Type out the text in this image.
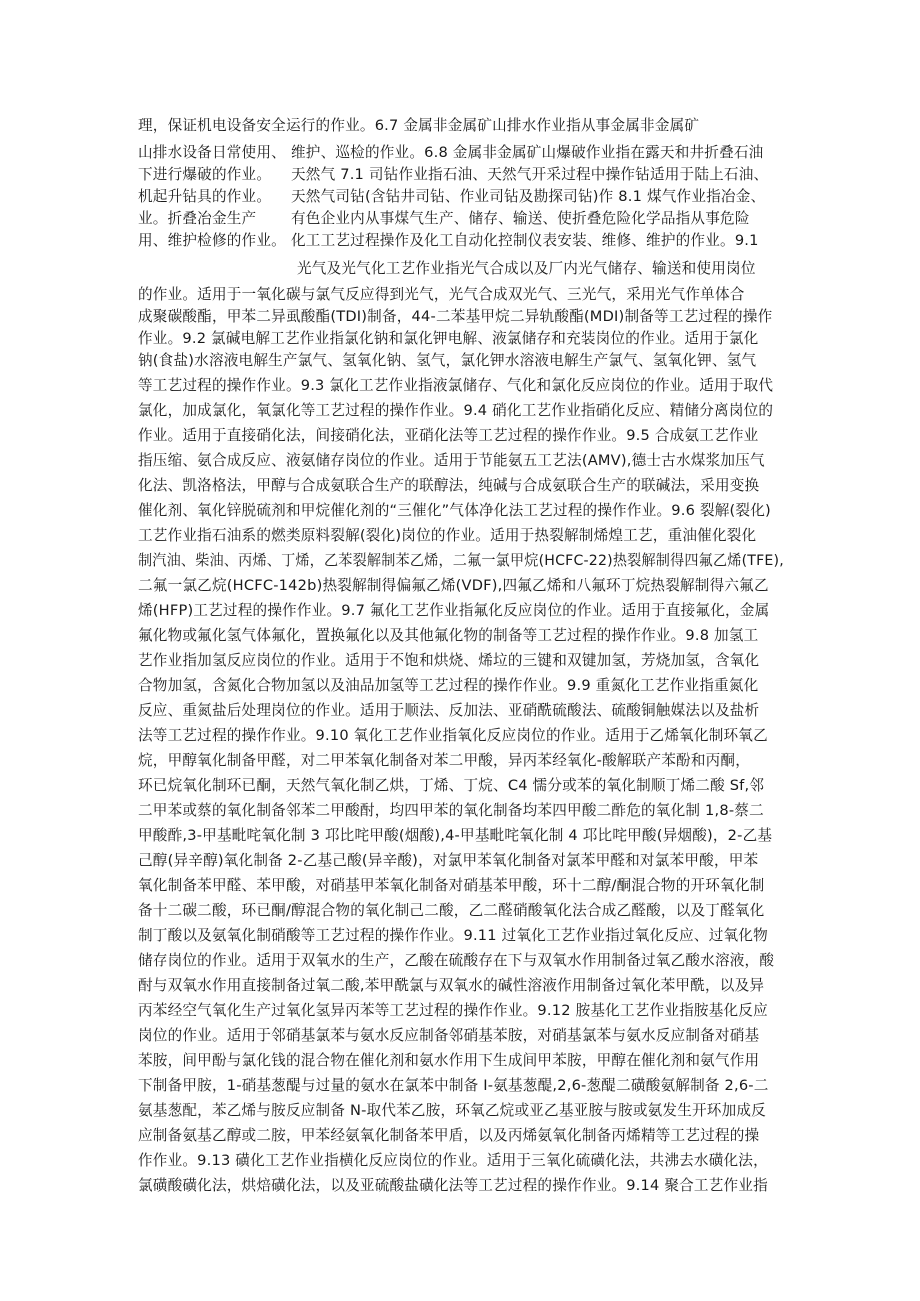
理，保证机电设备安全运行的作业。6.7 金属非金属矿山排水作业指从事金属非金属矿
山排水设备日常使用、 维护、巡检的作业。6.8 金属非金属矿山爆破作业指在露天和井折叠石油
下进行爆破的作业。 天然气 7.1 司钻作业指石油、天然气开采过程中操作钻适用于陆上石油、
机起升钻具的作业。 天然气司钻(含钻井司钻、作业司钻及勘探司钻)作 8.1 煤气作业指冶金、
业。折叠冶金生产 有色企业内从事煤气生产、储存、输送、使折叠危险化学品指从事危险
用、维护检修的作业。 化工工艺过程操作及化工自动化控制仪表安装、维修、维护的作业。9.1
光气及光气化工艺作业指光气合成以及厂内光气储存、输送和使用岗位
的作业。适用于一氧化碳与氯气反应得到光气，光气合成双光气、三光气，采用光气作单体合
成聚碳酸酯，甲苯二异虱酸酯(TDI)制备，44-二苯基甲烷二异轨酸酯(MDI)制备等工艺过程的操作
作业。9.2 氯碱电解工艺作业指氯化钠和氯化钾电解、液氯储存和充装岗位的作业。适用于氯化
钠(食盐)水溶液电解生产氯气、氢氧化钠、氢气，氯化钾水溶液电解生产氯气、氢氧化钾、氢气
等工艺过程的操作作业。9.3 氯化工艺作业指液氯储存、气化和氯化反应岗位的作业。适用于取代
氯化，加成氯化，氧氯化等工艺过程的操作作业。9.4 硝化工艺作业指硝化反应、精储分离岗位的
作业。适用于直接硝化法，间接硝化法，亚硝化法等工艺过程的操作作业。9.5 合成氨工艺作业
指压缩、氨合成反应、液氨储存岗位的作业。适用于节能氨五工艺法(AMV),德士古水煤浆加压气
化法、凯洛格法，甲醇与合成氨联合生产的联醇法，纯碱与合成氨联合生产的联碱法，采用变换
催化剂、氧化锌脱硫剂和甲烷催化剂的“三催化”气体净化法工艺过程的操作作业。9.6 裂解(裂化)
工艺作业指石油系的燃类原料裂解(裂化)岗位的作业。适用于热裂解制烯煌工艺，重油催化裂化
制汽油、柴油、丙烯、丁烯，乙苯裂解制苯乙烯，二氟一氯甲烷(HCFC-22)热裂解制得四氟乙烯(TFE),
二氟一氯乙烷(HCFC-142b)热裂解制得偏氟乙烯(VDF),四氟乙烯和八氟环丁烷热裂解制得六氟乙
烯(HFP)工艺过程的操作作业。9.7 氟化工艺作业指氟化反应岗位的作业。适用于直接氟化，金属
氟化物或氟化氢气体氟化，置换氟化以及其他氟化物的制备等工艺过程的操作作业。9.8 加氢工
艺作业指加氢反应岗位的作业。适用于不饱和烘烧、烯垃的三键和双键加氢，芳烧加氢，含氧化
合物加氢，含氮化合物加氢以及油品加氢等工艺过程的操作作业。9.9 重氮化工艺作业指重氮化
反应、重氮盐后处理岗位的作业。适用于顺法、反加法、亚硝酰硫酸法、硫酸铜触媒法以及盐析
法等工艺过程的操作作业。9.10 氧化工艺作业指氧化反应岗位的作业。适用于乙烯氧化制环氧乙
烷，甲醇氧化制备甲醛，对二甲苯氧化制备对苯二甲酸，异丙苯经氧化-酸解联产苯酚和丙酮，
环已烷氧化制环已酮，天然气氧化制乙烘，丁烯、丁烷、C4 懦分或苯的氧化制顺丁烯二酸 Sf,邻
二甲苯或蔡的氧化制备邻苯二甲酸酎，均四甲苯的氧化制备均苯四甲酸二酢危的氧化制 1,8-蔡二
甲酸酢,3-甲基毗咤氧化制 3 邛比咤甲酸(烟酸),4-甲基毗咤氧化制 4 邛比咤甲酸(异烟酸)，2-乙基
己醇(异辛醇)氧化制备 2-乙基己酸(异辛酸)，对氯甲苯氧化制备对氯苯甲醛和对氯苯甲酸，甲苯
氧化制备苯甲醛、苯甲酸，对硝基甲苯氧化制备对硝基苯甲酸，环十二醇/酮混合物的开环氧化制
备十二碳二酸，环已酮/醇混合物的氧化制己二酸，乙二醛硝酸氧化法合成乙醛酸，以及丁醛氧化
制丁酸以及氨氧化制硝酸等工艺过程的操作作业。9.11 过氧化工艺作业指过氧化反应、过氧化物
储存岗位的作业。适用于双氧水的生产，乙酸在硫酸存在下与双氧水作用制备过氧乙酸水溶液，酸
酎与双氧水作用直接制备过氧二酸,苯甲酰氯与双氧水的碱性溶液作用制备过氧化苯甲酰，以及异
丙苯经空气氧化生产过氧化氢异丙苯等工艺过程的操作作业。9.12 胺基化工艺作业指胺基化反应
岗位的作业。适用于邻硝基氯苯与氨水反应制备邻硝基苯胺，对硝基氯苯与氨水反应制备对硝基
苯胺，间甲酚与氯化钱的混合物在催化剂和氨水作用下生成间甲苯胺，甲醇在催化剂和氨气作用
下制备甲胺，1-硝基葱醍与过量的氨水在氯苯中制备 I-氨基葱醍,2,6-葱醍二磺酸氨解制备 2,6-二
氨基葱配，苯乙烯与胺反应制备 N-取代苯乙胺，环氧乙烷或亚乙基亚胺与胺或氨发生开环加成反
应制备氨基乙醇或二胺，甲苯经氨氧化制备苯甲盾，以及丙烯氨氧化制备丙烯精等工艺过程的操
作作业。9.13 磺化工艺作业指横化反应岗位的作业。适用于三氧化硫磺化法，共沸去水磺化法，
氯磺酸磺化法，烘焙磺化法，以及亚硫酸盐磺化法等工艺过程的操作作业。9.14 聚合工艺作业指
